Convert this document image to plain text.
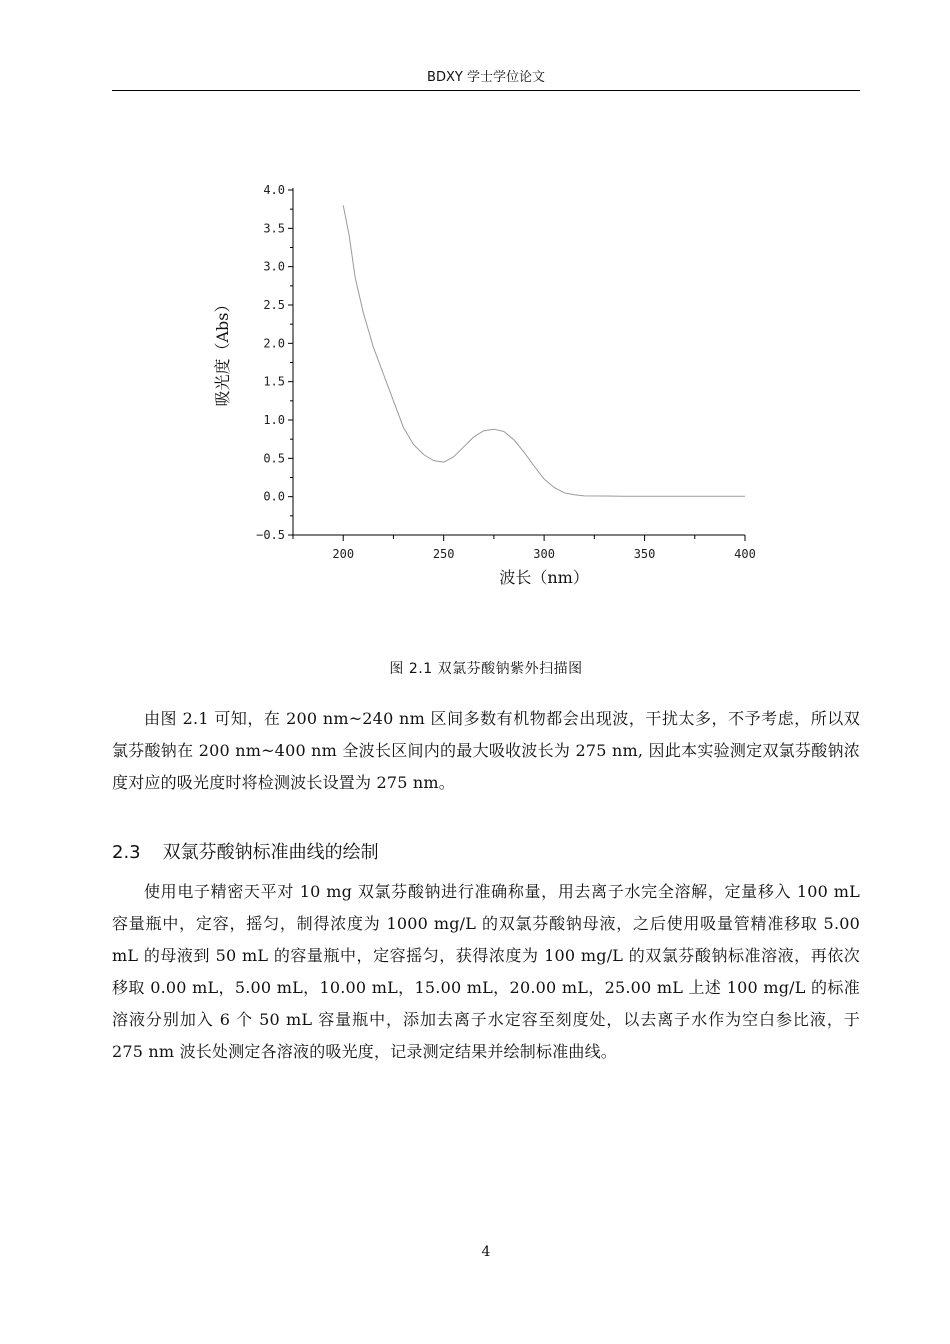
BDXY 学士学位论文
−0.5
0.0
0.5
1.0
1.5
2.0
2.5
3.0
3.5
4.0
200	250	300	350	400
波长（nm）
吸光度（Abs）
图 2.1 双氯芬酸钠紫外扫描图
由图 2.1 可知，在 200 nm~240 nm 区间多数有机物都会出现波，干扰太多，不予考虑，所以双氯芬酸钠在 200 nm~400 nm 全波长区间内的最大吸收波长为 275 nm, 因此本实验测定双氯芬酸钠浓度对应的吸光度时将检测波长设置为 275 nm。
2.3 双氯芬酸钠标准曲线的绘制
使用电子精密天平对 10 mg 双氯芬酸钠进行准确称量，用去离子水完全溶解，定量移入 100 mL 容量瓶中，定容，摇匀，制得浓度为 1000 mg/L 的双氯芬酸钠母液，之后使用吸量管精准移取 5.00 mL 的母液到 50 mL 的容量瓶中，定容摇匀，获得浓度为 100 mg/L 的双氯芬酸钠标准溶液，再依次移取 0.00 mL，5.00 mL，10.00 mL，15.00 mL，20.00 mL，25.00 mL 上述 100 mg/L 的标准溶液分别加入 6 个 50 mL 容量瓶中，添加去离子水定容至刻度处，以去离子水作为空白参比液，于 275 nm 波长处测定各溶液的吸光度，记录测定结果并绘制标准曲线。
4
